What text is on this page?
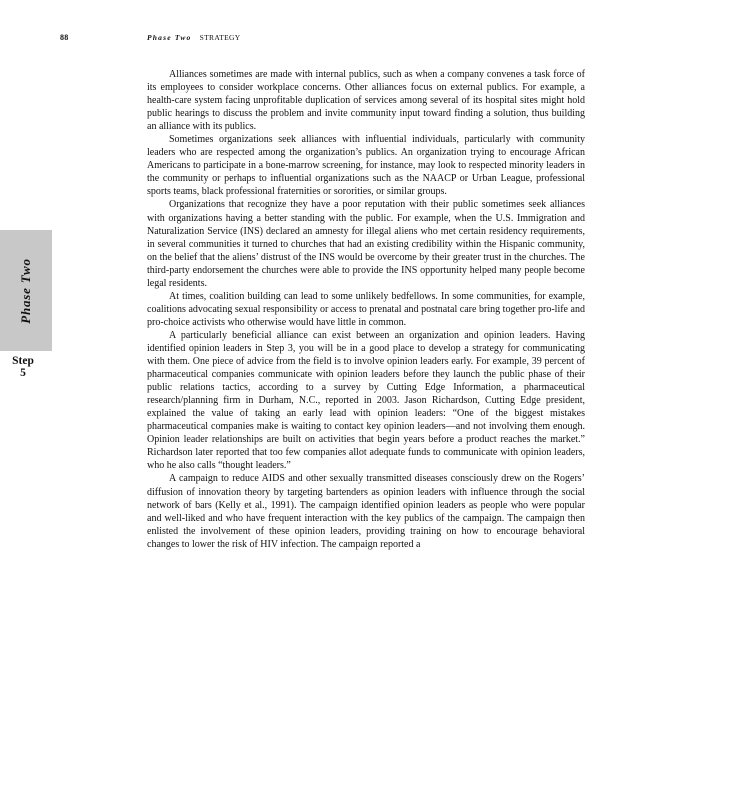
88	Phase Two STRATEGY
Phase Two
Step
5

Alliances sometimes are made with internal publics, such as when a company convenes a task force of its employees to consider workplace concerns. Other alliances focus on external publics. For example, a health-care system facing unprofitable duplication of services among several of its hospital sites might hold public hearings to discuss the problem and invite community input toward finding a solution, thus building an alliance with its publics.

Sometimes organizations seek alliances with influential individuals, particularly with community leaders who are respected among the organization’s publics. An organization trying to encourage African Americans to participate in a bone-marrow screening, for instance, may look to respected minority leaders in the community or perhaps to influential organizations such as the NAACP or Urban League, professional sports teams, black professional fraternities or sororities, or similar groups.

Organizations that recognize they have a poor reputation with their public sometimes seek alliances with organizations having a better standing with the public. For example, when the U.S. Immigration and Naturalization Service (INS) declared an amnesty for illegal aliens who met certain residency requirements, in several communities it turned to churches that had an existing credibility within the Hispanic community, on the belief that the aliens’ distrust of the INS would be overcome by their greater trust in the churches. The third-party endorsement the churches were able to provide the INS opportunity helped many people become legal residents.

At times, coalition building can lead to some unlikely bedfellows. In some communities, for example, coalitions advocating sexual responsibility or access to prenatal and postnatal care bring together pro-life and pro-choice activists who otherwise would have little in common.

A particularly beneficial alliance can exist between an organization and opinion leaders. Having identified opinion leaders in Step 3, you will be in a good place to develop a strategy for communicating with them. One piece of advice from the field is to involve opinion leaders early. For example, 39 percent of pharmaceutical companies communicate with opinion leaders before they launch the public phase of their public relations tactics, according to a survey by Cutting Edge Information, a pharmaceutical research/planning firm in Durham, N.C., reported in 2003. Jason Richardson, Cutting Edge president, explained the value of taking an early lead with opinion leaders: “One of the biggest mistakes pharmaceutical companies make is waiting to contact key opinion leaders—and not involving them enough. Opinion leader relationships are built on activities that begin years before a product reaches the market.” Richardson later reported that too few companies allot adequate funds to communicate with opinion leaders, who he also calls “thought leaders.”

A campaign to reduce AIDS and other sexually transmitted diseases consciously drew on the Rogers’ diffusion of innovation theory by targeting bartenders as opinion leaders with influence through the social network of bars (Kelly et al., 1991). The campaign identified opinion leaders as people who were popular and well-liked and who have frequent interaction with the key publics of the campaign. The campaign then enlisted the involvement of these opinion leaders, providing training on how to encourage behavioral changes to lower the risk of HIV infection. The campaign reported a
